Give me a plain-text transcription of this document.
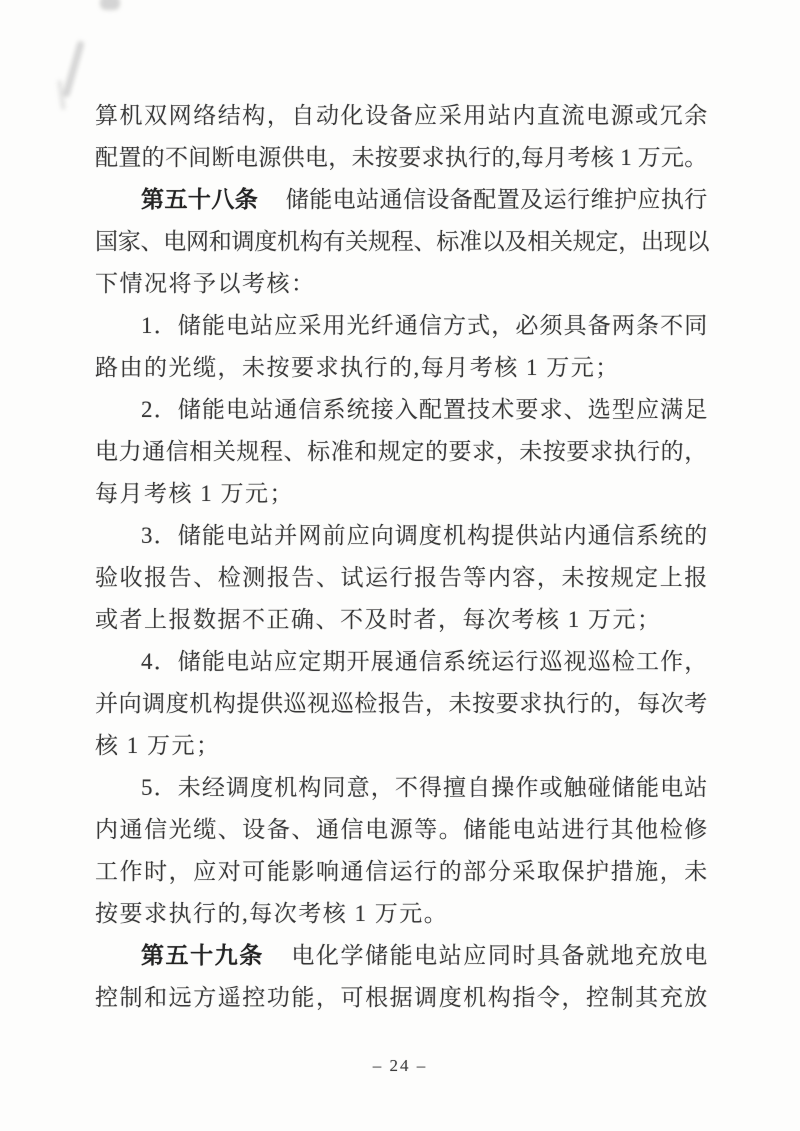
算机双网络结构，自动化设备应采用站内直流电源或冗余

配置的不间断电源供电，未按要求执行的,每月考核 1 万元。

第五十八条 储能电站通信设备配置及运行维护应执行

国家、电网和调度机构有关规程、标准以及相关规定，出现以

下情况将予以考核：

1．储能电站应采用光纤通信方式，必须具备两条不同

路由的光缆，未按要求执行的,每月考核 1 万元；

2．储能电站通信系统接入配置技术要求、选型应满足

电力通信相关规程、标准和规定的要求，未按要求执行的，

每月考核 1 万元；

3．储能电站并网前应向调度机构提供站内通信系统的

验收报告、检测报告、试运行报告等内容，未按规定上报

或者上报数据不正确、不及时者，每次考核 1 万元；

4．储能电站应定期开展通信系统运行巡视巡检工作，

并向调度机构提供巡视巡检报告，未按要求执行的，每次考

核 1 万元；

5．未经调度机构同意，不得擅自操作或触碰储能电站

内通信光缆、设备、通信电源等。储能电站进行其他检修

工作时，应对可能影响通信运行的部分采取保护措施，未

按要求执行的,每次考核 1 万元。

第五十九条 电化学储能电站应同时具备就地充放电

控制和远方遥控功能，可根据调度机构指令，控制其充放

– 24 –
